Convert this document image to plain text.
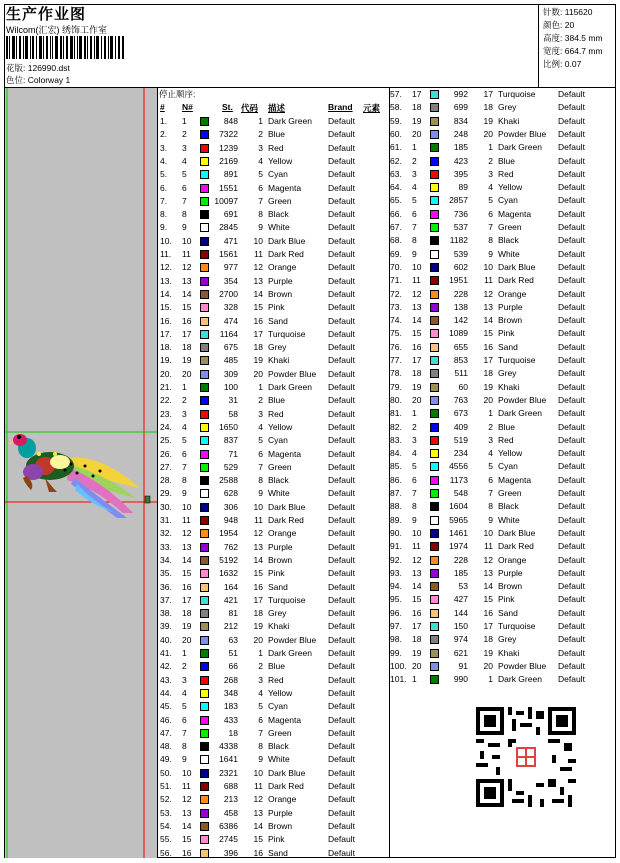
生产作业图
Wilcom(汇宏) 绣饰工作室
花版: 126990.dst
色位: Colorway 1
针数: 115620
颜色: 20
高度: 384.5 mm
宽度: 664.7 mm
比例: 0.07
停止顺序:
# N#	St. 代码 描述	Brand 元素
1. 1	848	1 Dark Green Default
2. 2	7322	2 Blue	Default
3. 3	1239	3 Red	Default
4. 4	2169	4 Yellow	Default
5. 5	891	5 Cyan	Default
6. 6	1551	6 Magenta	Default
7. 7	10097	7 Green	Default
8. 8	691	8 Black	Default
9. 9	2845	9 White	Default
10. 10	471	10 Dark Blue	Default
11. 11	1561	11 Dark Red	Default
12. 12	977	12 Orange	Default
13. 13	354	13 Purple	Default
14. 14	2700	14 Brown	Default
15. 15	328	15 Pink	Default
16. 16	474	16 Sand	Default
17. 17	1164	17 Turquoise	Default
18. 18	675	18 Grey	Default
19. 19	485	19 Khaki	Default
20. 20	309	20 Powder Blue Default
21. 1	100	1 Dark Green Default
22. 2	31	2 Blue	Default
23. 3	58	3 Red	Default
24. 4	1650	4 Yellow	Default
25. 5	837	5 Cyan	Default
26. 6	71	6 Magenta	Default
27. 7	529	7 Green	Default
28. 8	2588	8 Black	Default
29. 9	628	9 White	Default
30. 10	306	10 Dark Blue	Default
31. 11	948	11 Dark Red	Default
32. 12	1954	12 Orange	Default
33. 13	762	13 Purple	Default
34. 14	5192	14 Brown	Default
35. 15	1632	15 Pink	Default
36. 16	164	16 Sand	Default
37. 17	421	17 Turquoise	Default
38. 18	81	18 Grey	Default
39. 19	212	19 Khaki	Default
40. 20	63	20 Powder Blue Default
41. 1	51	1 Dark Green Default
42. 2	66	2 Blue	Default
43. 3	268	3 Red	Default
44. 4	348	4 Yellow	Default
45. 5	183	5 Cyan	Default
46. 6	433	6 Magenta	Default
47. 7	18	7 Green	Default
48. 8	4338	8 Black	Default
49. 9	1641	9 White	Default
50. 10	2321	10 Dark Blue	Default
51. 11	688	11 Dark Red	Default
52. 12	213	12 Orange	Default
53. 13	458	13 Purple	Default
54. 14	6386	14 Brown	Default
55. 15	2745	15 Pink	Default
56. 16	396	16 Sand	Default
57. 17	992	17 Turquoise	Default
58. 18	699	18 Grey	Default
59. 19	834	19 Khaki	Default
60. 20	248	20 Powder Blue Default
61. 1	185	1 Dark Green Default
62. 2	423	2 Blue	Default
63. 3	395	3 Red	Default
64. 4	89	4 Yellow	Default
65. 5	2857	5 Cyan	Default
66. 6	736	6 Magenta	Default
67. 7	537	7 Green	Default
68. 8	1182	8 Black	Default
69. 9	539	9 White	Default
70. 10	602	10 Dark Blue	Default
71. 11	1951	11 Dark Red	Default
72. 12	228	12 Orange	Default
73. 13	138	13 Purple	Default
74. 14	142	14 Brown	Default
75. 15	1089	15 Pink	Default
76. 16	655	16 Sand	Default
77. 17	853	17 Turquoise	Default
78. 18	511	18 Grey	Default
79. 19	60	19 Khaki	Default
80. 20	763	20 Powder Blue Default
81. 1	673	1 Dark Green Default
82. 2	409	2 Blue	Default
83. 3	519	3 Red	Default
84. 4	234	4 Yellow	Default
85. 5	4556	5 Cyan	Default
86. 6	1173	6 Magenta	Default
87. 7	548	7 Green	Default
88. 8	1604	8 Black	Default
89. 9	5965	9 White	Default
90. 10	1461	10 Dark Blue	Default
91. 11	1974	11 Dark Red	Default
92. 12	228	12 Orange	Default
93. 13	185	13 Purple	Default
94. 14	53	14 Brown	Default
95. 15	427	15 Pink	Default
96. 16	144	16 Sand	Default
97. 17	150	17 Turquoise	Default
98. 18	974	18 Grey	Default
99. 19	621	19 Khaki	Default
100. 20	91	20 Powder Blue Default
101. 1	990	1 Dark Green Default
